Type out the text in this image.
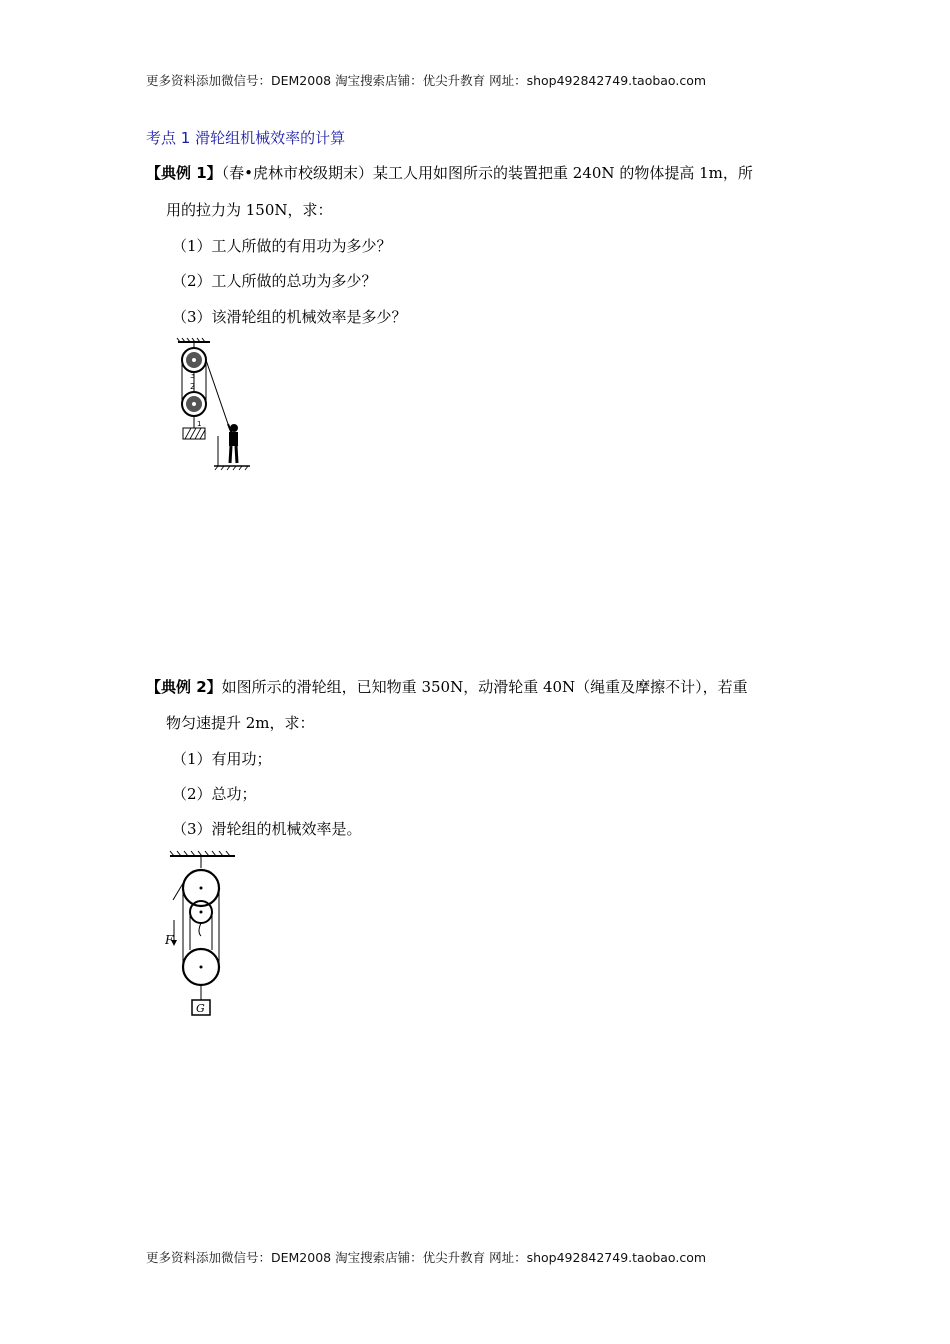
更多资料添加微信号：DEM2008 淘宝搜索店铺：优尖升教育 网址：shop492842749.taobao.com
考点 1 滑轮组机械效率的计算
【典例 1】（春•虎林市校级期末）某工人用如图所示的装置把重 240N 的物体提高 1m，所
用的拉力为 150N，求：
（1）工人所做的有用功为多少？
（2）工人所做的总功为多少？
（3）该滑轮组的机械效率是多少？
3
2
1
【典例 2】如图所示的滑轮组，已知物重 350N，动滑轮重 40N（绳重及摩擦不计），若重
物匀速提升 2m，求：
（1）有用功；
（2）总功；
（3）滑轮组的机械效率是。
F
G
更多资料添加微信号：DEM2008 淘宝搜索店铺：优尖升教育 网址：shop492842749.taobao.com
